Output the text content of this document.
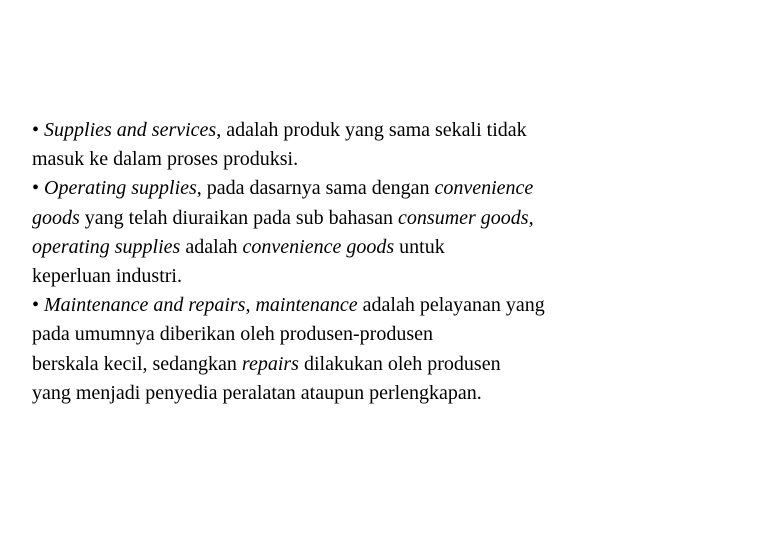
• Supplies and services, adalah produk yang sama sekali tidak
masuk ke dalam proses produksi.
• Operating supplies, pada dasarnya sama dengan convenience
goods yang telah diuraikan pada sub bahasan consumer goods,
operating supplies adalah convenience goods untuk
keperluan industri.
• Maintenance and repairs, maintenance adalah pelayanan yang
pada umumnya diberikan oleh produsen-produsen
berskala kecil, sedangkan repairs dilakukan oleh produsen
yang menjadi penyedia peralatan ataupun perlengkapan.
